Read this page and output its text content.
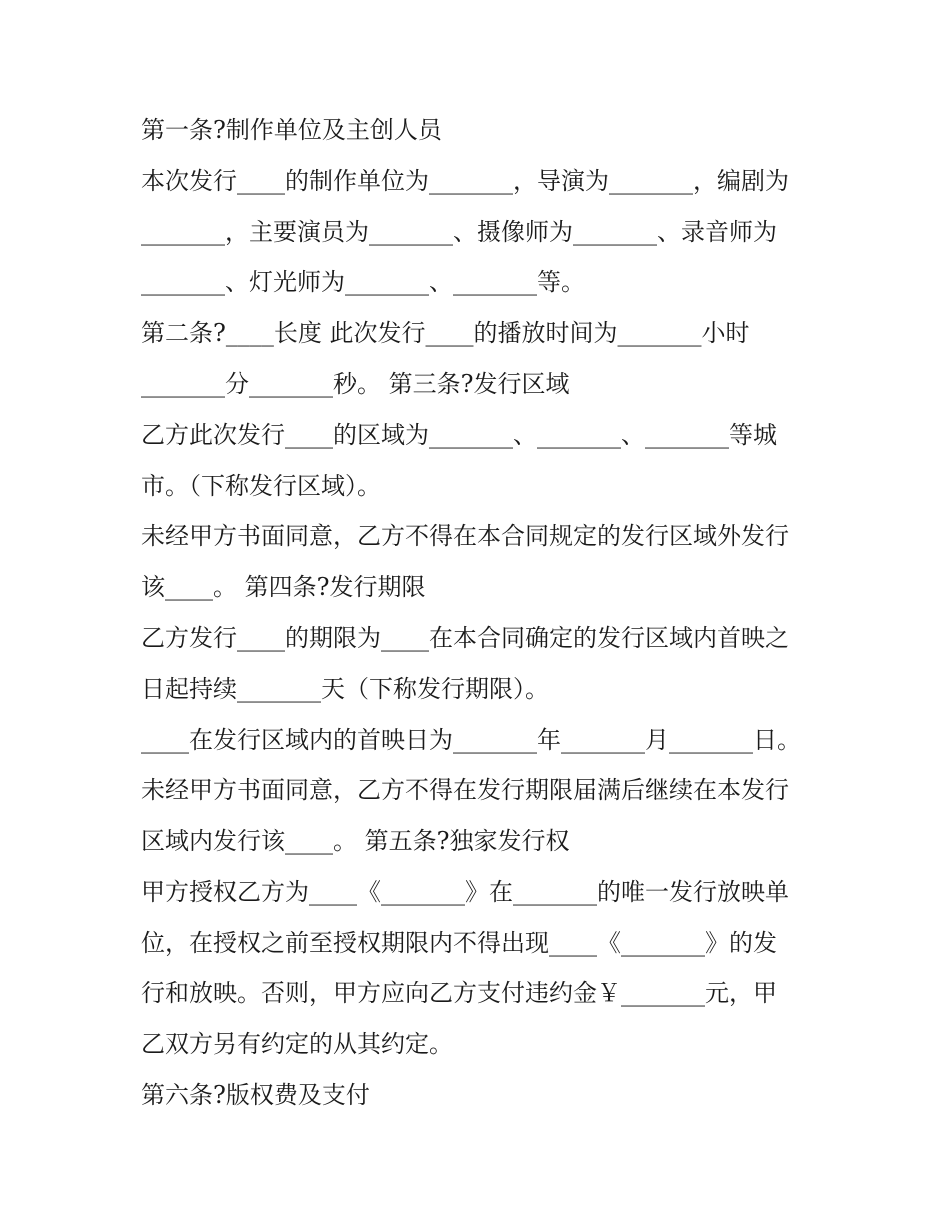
第一条?制作单位及主创人员
本次发行____的制作单位为_______，导演为_______，编剧为
_______，主要演员为_______、摄像师为_______、录音师为
_______、灯光师为_______、_______等。
第二条?____长度 此次发行____的播放时间为_______小时
_______分_______秒。 第三条?发行区域
乙方此次发行____的区域为_______、_______、_______等城
市。（下称发行区域）。
未经甲方书面同意，乙方不得在本合同规定的发行区域外发行
该____。 第四条?发行期限
乙方发行____的期限为____在本合同确定的发行区域内首映之
日起持续_______天（下称发行期限）。
____在发行区域内的首映日为_______年_______月_______日。
未经甲方书面同意，乙方不得在发行期限届满后继续在本发行
区域内发行该____。 第五条?独家发行权
甲方授权乙方为____《_______》在_______的唯一发行放映单
位，在授权之前至授权期限内不得出现____《_______》的发
行和放映。否则，甲方应向乙方支付违约金￥_______元，甲
乙双方另有约定的从其约定。
第六条?版权费及支付
